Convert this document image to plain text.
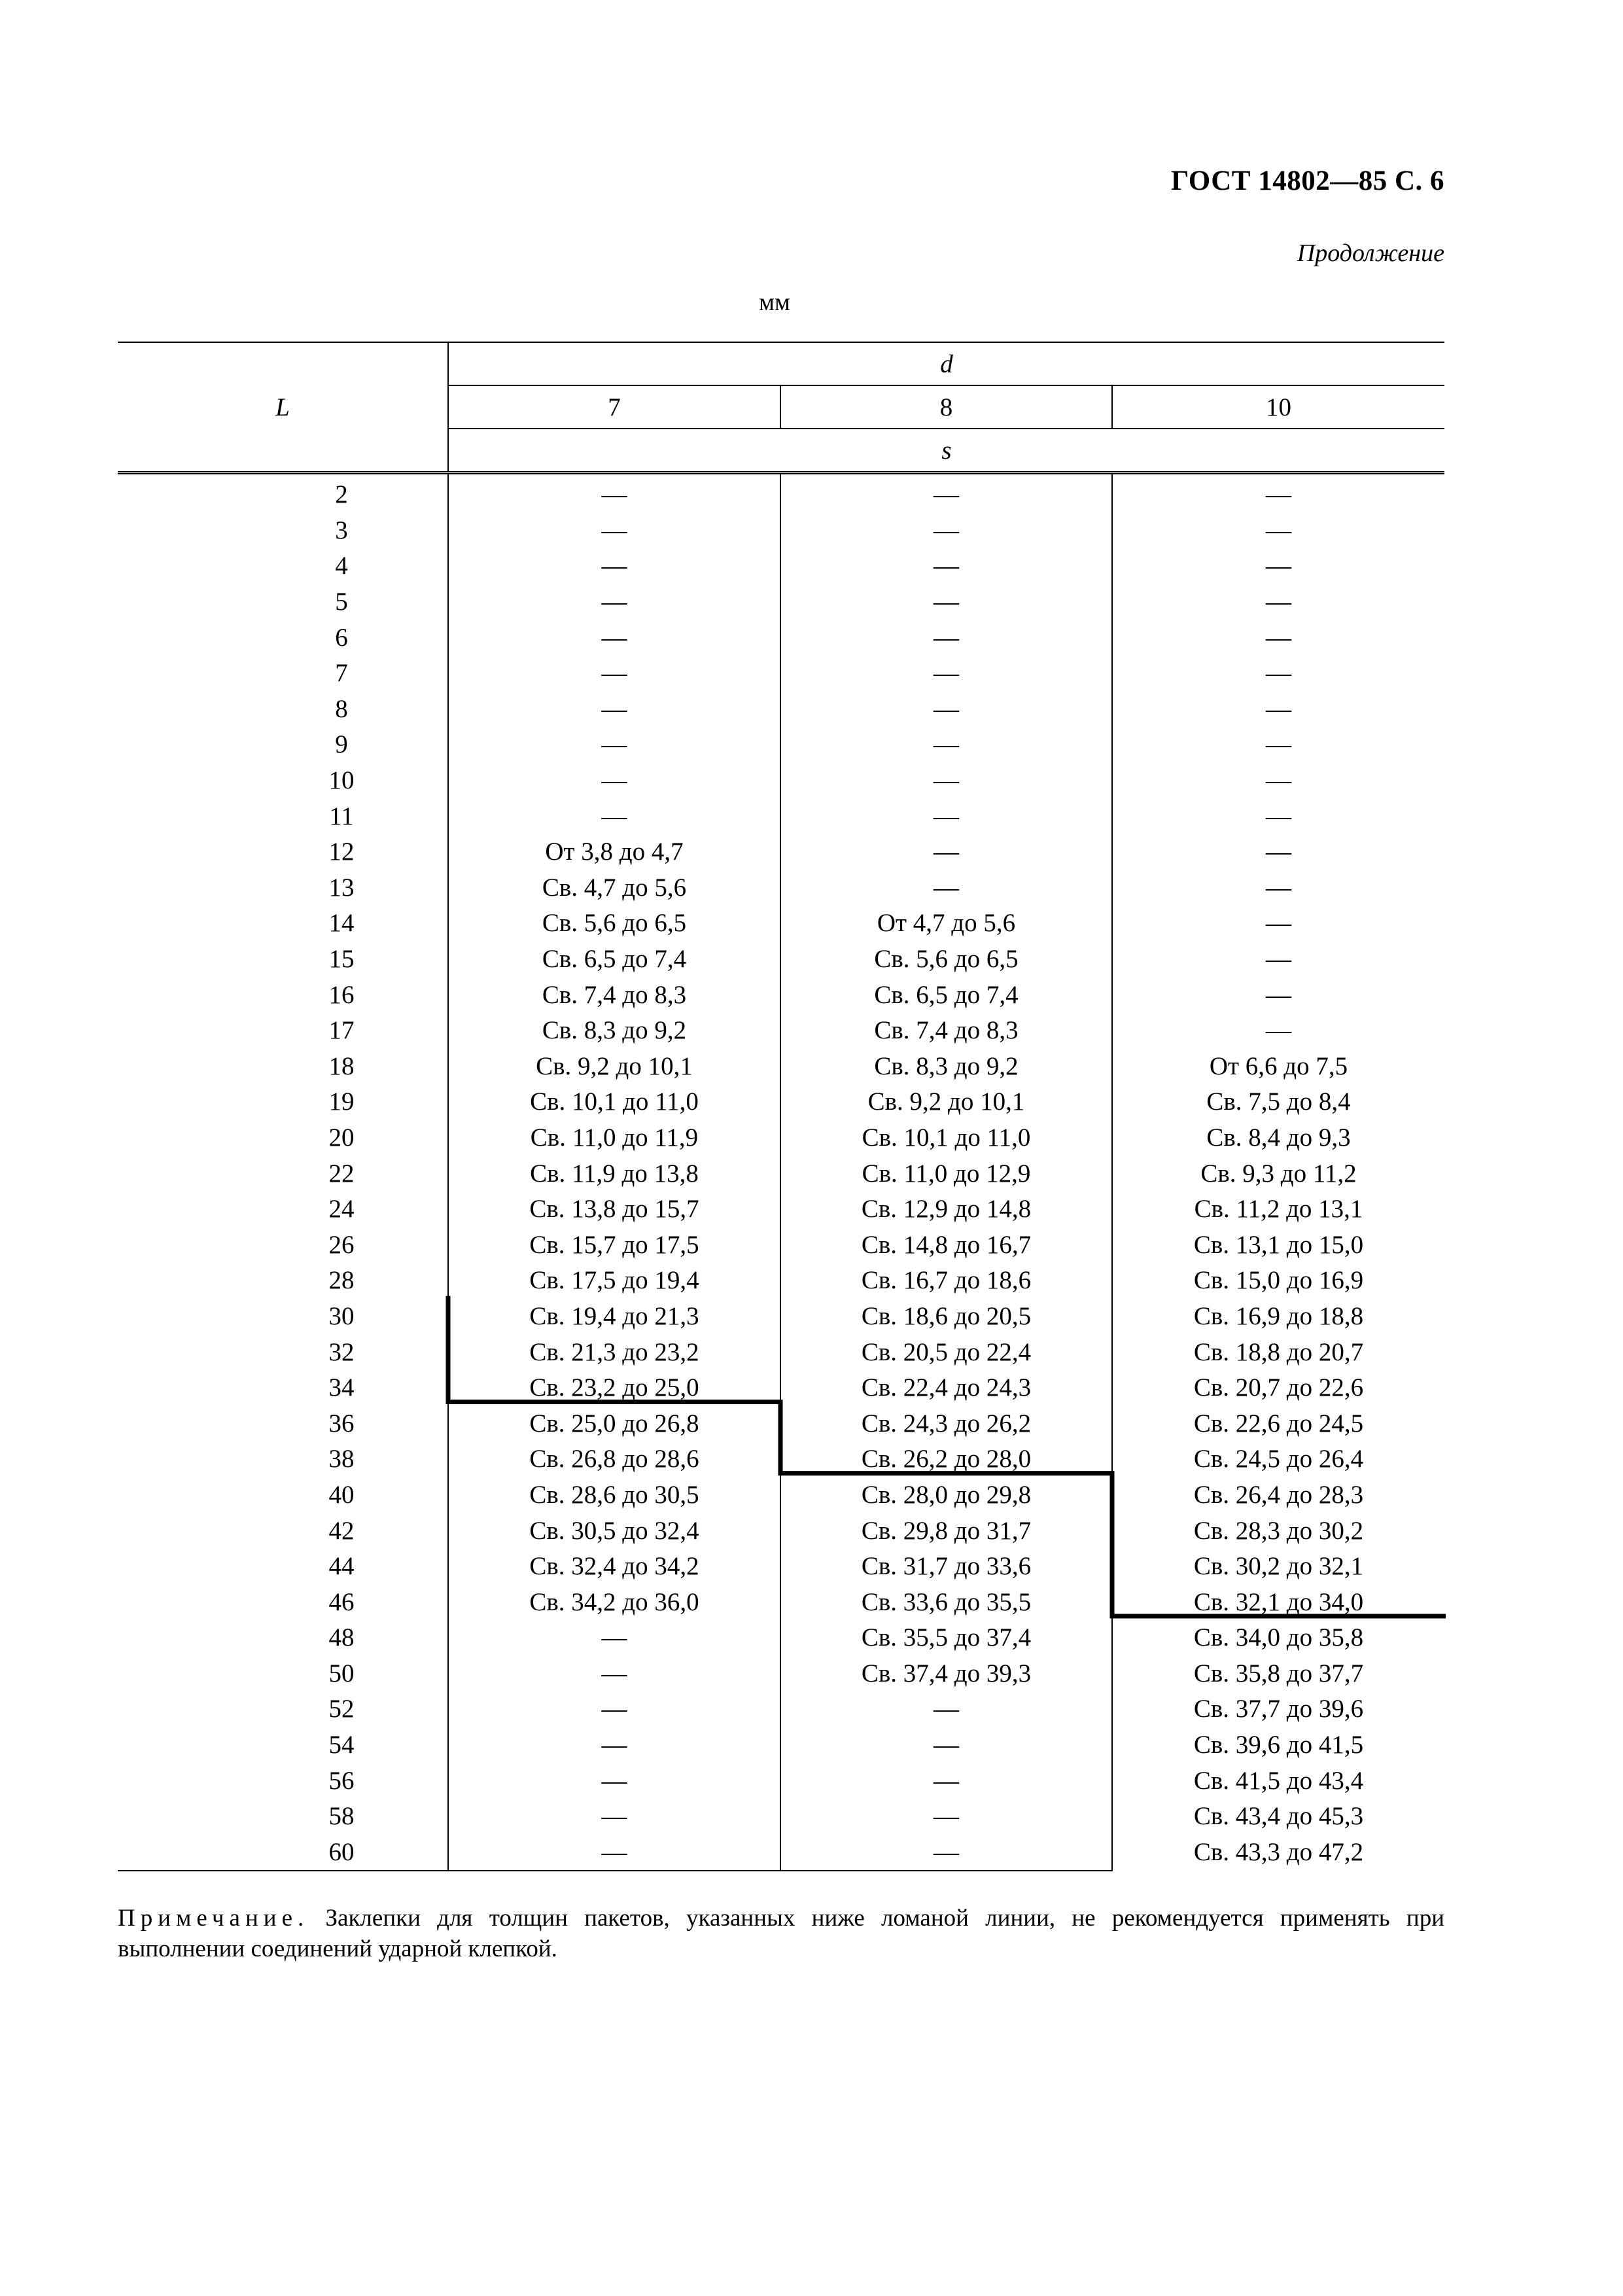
ГОСТ 14802—85 С. 6
Продолжение
мм
L	d		
	7	8	10
	s		
2	—	—	—
3	—	—	—
4	—	—	—
5	—	—	—
6	—	—	—
7	—	—	—
8	—	—	—
9	—	—	—
10	—	—	—
11	—	—	—
12	От 3,8 до 4,7	—	—
13	Св. 4,7 до 5,6	—	—
14	Св. 5,6 до 6,5	От 4,7 до 5,6	—
15	Св. 6,5 до 7,4	Св. 5,6 до 6,5	—
16	Св. 7,4 до 8,3	Св. 6,5 до 7,4	—
17	Св. 8,3 до 9,2	Св. 7,4 до 8,3	—
18	Св. 9,2 до 10,1	Св. 8,3 до 9,2	От 6,6 до 7,5
19	Св. 10,1 до 11,0	Св. 9,2 до 10,1	Св. 7,5 до 8,4
20	Св. 11,0 до 11,9	Св. 10,1 до 11,0	Св. 8,4 до 9,3
22	Св. 11,9 до 13,8	Св. 11,0 до 12,9	Св. 9,3 до 11,2
24	Св. 13,8 до 15,7	Св. 12,9 до 14,8	Св. 11,2 до 13,1
26	Св. 15,7 до 17,5	Св. 14,8 до 16,7	Св. 13,1 до 15,0
28	Св. 17,5 до 19,4	Св. 16,7 до 18,6	Св. 15,0 до 16,9
30	Св. 19,4 до 21,3	Св. 18,6 до 20,5	Св. 16,9 до 18,8
32	Св. 21,3 до 23,2	Св. 20,5 до 22,4	Св. 18,8 до 20,7
34	Св. 23,2 до 25,0	Св. 22,4 до 24,3	Св. 20,7 до 22,6
36	Св. 25,0 до 26,8	Св. 24,3 до 26,2	Св. 22,6 до 24,5
38	Св. 26,8 до 28,6	Св. 26,2 до 28,0	Св. 24,5 до 26,4
40	Св. 28,6 до 30,5	Св. 28,0 до 29,8	Св. 26,4 до 28,3
42	Св. 30,5 до 32,4	Св. 29,8 до 31,7	Св. 28,3 до 30,2
44	Св. 32,4 до 34,2	Св. 31,7 до 33,6	Св. 30,2 до 32,1
46	Св. 34,2 до 36,0	Св. 33,6 до 35,5	Св. 32,1 до 34,0
48	—	Св. 35,5 до 37,4	Св. 34,0 до 35,8
50	—	Св. 37,4 до 39,3	Св. 35,8 до 37,7
52	—	—	Св. 37,7 до 39,6
54	—	—	Св. 39,6 до 41,5
56	—	—	Св. 41,5 до 43,4
58	—	—	Св. 43,4 до 45,3
60	—	—	Св. 43,3 до 47,2
Примечание. Заклепки для толщин пакетов, указанных ниже ломаной линии, не рекомендуется применять при выполнении соединений ударной клепкой.
